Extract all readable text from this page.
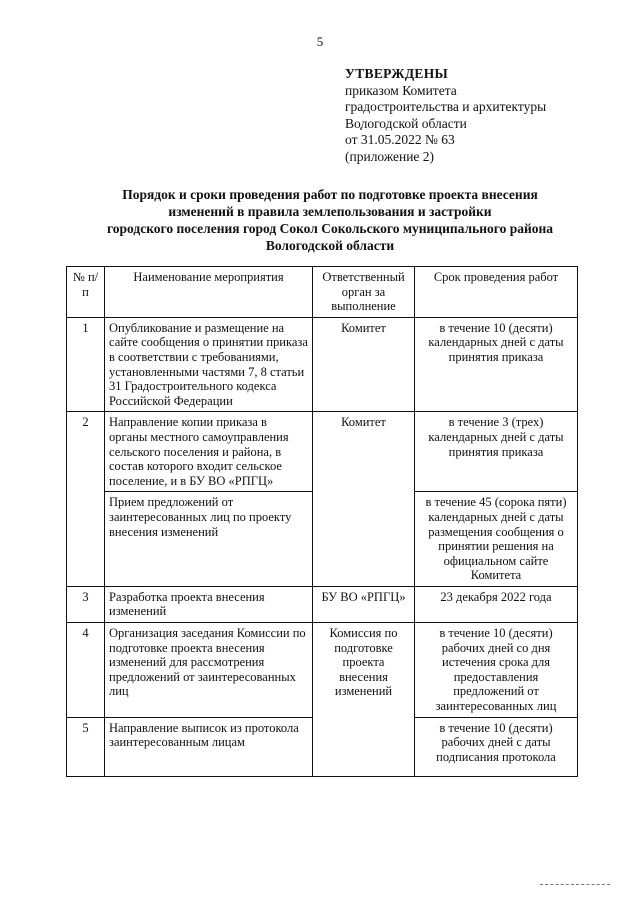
5
УТВЕРЖДЕНЫ
приказом Комитета
градостроительства и архитектуры
Вологодской области
от 31.05.2022 № 63
(приложение 2)
Порядок и сроки проведения работ по подготовке проекта внесения
изменений в правила землепользования и застройки
городского поселения город Сокол Сокольского муниципального района
Вологодской области
№ п/п	Наименование мероприятия	Ответственный орган за выполнение	Срок проведения работ
1	Опубликование и размещение на сайте сообщения о принятии приказа в соответствии с требованиями, установленными частями 7, 8 статьи 31 Градостроительного кодекса Российской Федерации	Комитет	в течение 10 (десяти) календарных дней с даты принятия приказа
2	Направление копии приказа в органы местного самоуправления сельского поселения и района, в состав которого входит сельское поселение, и в БУ ВО «РПГЦ»	Комитет	в течение 3 (трех) календарных дней с даты принятия приказа
	Прием предложений от заинтересованных лиц по проекту внесения изменений		в течение 45 (сорока пяти) календарных дней с даты размещения сообщения о принятии решения на официальном сайте Комитета
3	Разработка проекта внесения изменений	БУ ВО «РПГЦ»	23 декабря 2022 года
4	Организация заседания Комиссии по подготовке проекта внесения изменений для рассмотрения предложений от заинтересованных лиц	Комиссия по подготовке проекта внесения изменений	в течение 10 (десяти) рабочих дней со дня истечения срока для предоставления предложений от заинтересованных лиц
5	Направление выписок из протокола заинтересованным лицам		в течение 10 (десяти) рабочих дней с даты подписания протокола
